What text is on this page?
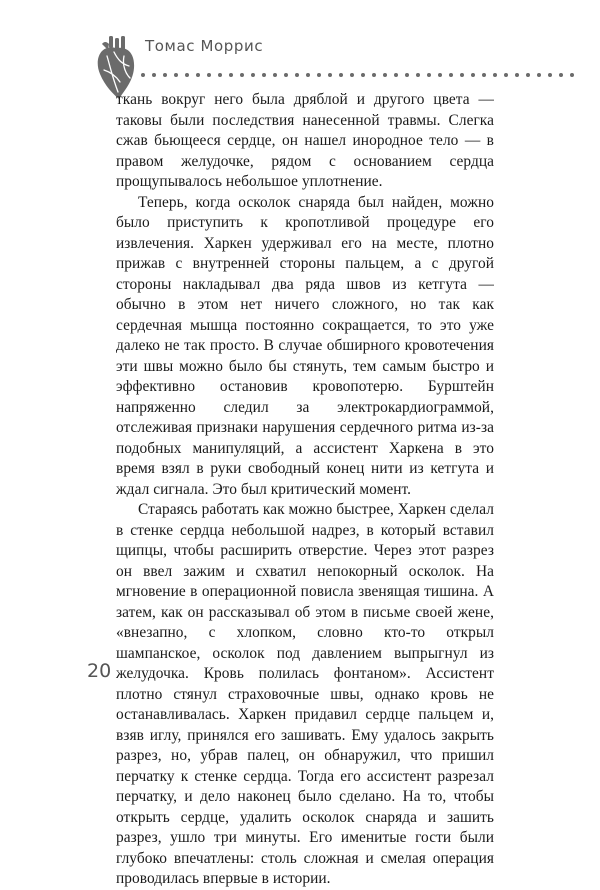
Томас Моррис

ткань вокруг него была дряблой и другого цвета — таковы были последствия нанесенной травмы. Слегка сжав бьющееся сердце, он нашел инородное тело — в правом желудочке, рядом с основанием сердца прощупывалось небольшое уплотнение.

Теперь, когда осколок снаряда был найден, можно было приступить к кропотливой процедуре его извлечения. Харкен удерживал его на месте, плотно прижав с внутренней стороны пальцем, а с другой стороны накладывал два ряда швов из кетгута — обычно в этом нет ничего сложного, но так как сердечная мышца постоянно сокращается, то это уже далеко не так просто. В случае обширного кровотечения эти швы можно было бы стянуть, тем самым быстро и эффективно остановив кровопотерю. Бурштейн напряженно следил за электрокардиограммой, отслеживая признаки нарушения сердечного ритма из-за подобных манипуляций, а ассистент Харкена в это время взял в руки свободный конец нити из кетгута и ждал сигнала. Это был критический момент.

Стараясь работать как можно быстрее, Харкен сделал в стенке сердца небольшой надрез, в который вставил щипцы, чтобы расширить отверстие. Через этот разрез он ввел зажим и схватил непокорный осколок. На мгновение в операционной повисла звенящая тишина. А затем, как он рассказывал об этом в письме своей жене, «внезапно, с хлопком, словно кто-то открыл шампанское, осколок под давлением выпрыгнул из желудочка. Кровь полилась фонтаном». Ассистент плотно стянул страховочные швы, однако кровь не останавливалась. Харкен придавил сердце пальцем и, взяв иглу, принялся его зашивать. Ему удалось закрыть разрез, но, убрав палец, он обнаружил, что пришил перчатку к стенке сердца. Тогда его ассистент разрезал перчатку, и дело наконец было сделано. На то, чтобы открыть сердце, удалить осколок снаряда и зашить разрез, ушло три минуты. Его именитые гости были глубоко впечатлены: столь сложная и смелая операция проводилась впервые в истории.

20
